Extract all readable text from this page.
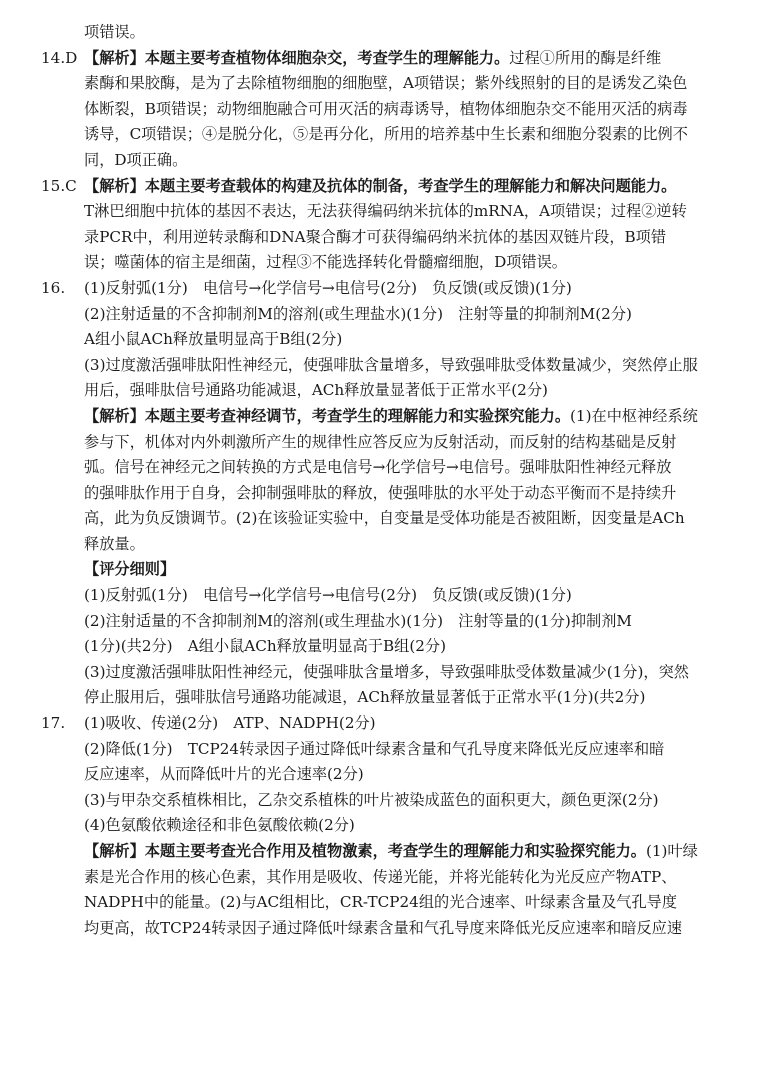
项错误。
14.D 【解析】本题主要考查植物体细胞杂交，考查学生的理解能力。过程①所用的酶是纤维
素酶和果胶酶，是为了去除植物细胞的细胞壁，A项错误；紫外线照射的目的是诱发乙染色
体断裂，B项错误；动物细胞融合可用灭活的病毒诱导，植物体细胞杂交不能用灭活的病毒
诱导，C项错误；④是脱分化，⑤是再分化，所用的培养基中生长素和细胞分裂素的比例不
同，D项正确。
15.C 【解析】本题主要考查载体的构建及抗体的制备，考查学生的理解能力和解决问题能力。
T淋巴细胞中抗体的基因不表达，无法获得编码纳米抗体的mRNA，A项错误；过程②逆转
录PCR中，利用逆转录酶和DNA聚合酶才可获得编码纳米抗体的基因双链片段，B项错
误；噬菌体的宿主是细菌，过程③不能选择转化骨髓瘤细胞，D项错误。
16. (1)反射弧(1分)　电信号→化学信号→电信号(2分)　负反馈(或反馈)(1分)
(2)注射适量的不含抑制剂M的溶剂(或生理盐水)(1分)　注射等量的抑制剂M(2分)
A组小鼠ACh释放量明显高于B组(2分)
(3)过度激活强啡肽阳性神经元，使强啡肽含量增多，导致强啡肽受体数量减少，突然停止服
用后，强啡肽信号通路功能减退，ACh释放量显著低于正常水平(2分)
【解析】本题主要考查神经调节，考查学生的理解能力和实验探究能力。(1)在中枢神经系统
参与下，机体对内外刺激所产生的规律性应答反应为反射活动，而反射的结构基础是反射
弧。信号在神经元之间转换的方式是电信号→化学信号→电信号。强啡肽阳性神经元释放
的强啡肽作用于自身，会抑制强啡肽的释放，使强啡肽的水平处于动态平衡而不是持续升
高，此为负反馈调节。(2)在该验证实验中，自变量是受体功能是否被阻断，因变量是ACh
释放量。
【评分细则】
(1)反射弧(1分)　电信号→化学信号→电信号(2分)　负反馈(或反馈)(1分)
(2)注射适量的不含抑制剂M的溶剂(或生理盐水)(1分)　注射等量的(1分)抑制剂M
(1分)(共2分)　A组小鼠ACh释放量明显高于B组(2分)
(3)过度激活强啡肽阳性神经元，使强啡肽含量增多，导致强啡肽受体数量减少(1分)，突然
停止服用后，强啡肽信号通路功能减退，ACh释放量显著低于正常水平(1分)(共2分)
17. (1)吸收、传递(2分)　ATP、NADPH(2分)
(2)降低(1分)　TCP24转录因子通过降低叶绿素含量和气孔导度来降低光反应速率和暗
反应速率，从而降低叶片的光合速率(2分)
(3)与甲杂交系植株相比，乙杂交系植株的叶片被染成蓝色的面积更大，颜色更深(2分)
(4)色氨酸依赖途径和非色氨酸依赖(2分)
【解析】本题主要考查光合作用及植物激素，考查学生的理解能力和实验探究能力。(1)叶绿
素是光合作用的核心色素，其作用是吸收、传递光能，并将光能转化为光反应产物ATP、
NADPH中的能量。(2)与AC组相比，CR-TCP24组的光合速率、叶绿素含量及气孔导度
均更高，故TCP24转录因子通过降低叶绿素含量和气孔导度来降低光反应速率和暗反应速
